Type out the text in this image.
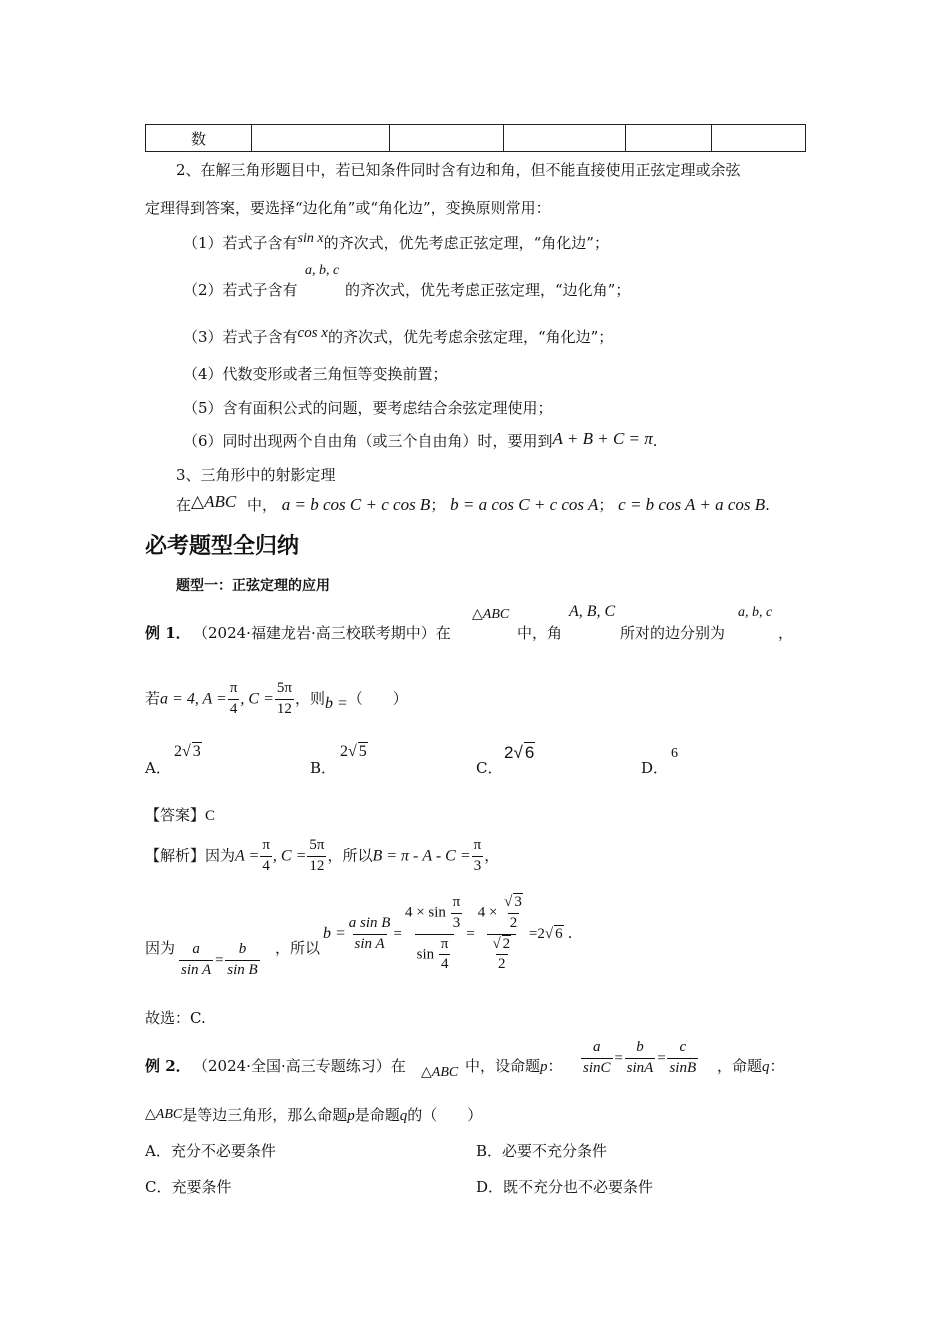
数					
2、在解三角形题目中，若已知条件同时含有边和角，但不能直接使用正弦定理或余弦
定理得到答案，要选择“边化角”或“角化边”，变换原则常用：
（1）若式子含有sin x的齐次式，优先考虑正弦定理，“角化边”；
a, b, c
（2）若式子含有	的齐次式，优先考虑正弦定理，“边化角”；
（3）若式子含有cos x的齐次式，优先考虑余弦定理，“角化边”；
（4）代数变形或者三角恒等变换前置；
（5）含有面积公式的问题，要考虑结合余弦定理使用；
（6）同时出现两个自由角（或三个自由角）时，要用到A + B + C = π.
3、三角形中的射影定理
在△ABC 中， a = b cos C + c cos B； b = a cos C + c cos A； c = b cos A + a cos B.
必考题型全归纳
题型一：正弦定理的应用
例 1． （2024·福建龙岩·高三校联考期中）在
△ABC
中，角
A, B, C
所对的边分别为
a, b, c
，
若a = 4, $A = \frac{\pi}{4}$ , $C = \frac{5\pi}{12}$ ，则b =（　　）
A．
2√ 3
B．
2√ 5
C．
2√ 6
D．
6
【答案】C
【解析】因为$A = \frac{\pi}{4}$ , $C = \frac{5\pi}{12}$ ，所以$B = \pi - A - C = \frac{\pi}{3}$ ，
因为 $\frac{a}{\text{sin A}} = \frac{b}{\text{sin B}}$ ，所以
$b = \frac{\text{a sin B}}{\text{sin A}} = \frac{4 \times \sin \frac{\pi}{3}}{\sin \frac{\pi}{4}} = \frac{4 \times \frac{√ 3}{2}}{\frac{√ 2}{2}} =2√$ 6 .
故选：C.
例 2． （2024·全国·高三专题练习）在 △ABC 中，设命题p： $\frac{a}{\sin C} = \frac{b}{\sin A} = \frac{c}{\sin B}$ ，命题q：
△ABC是等边三角形，那么命题p是命题q的（　　）
A．充分不必要条件	B．必要不充分条件
C．充要条件	D．既不充分也不必要条件
